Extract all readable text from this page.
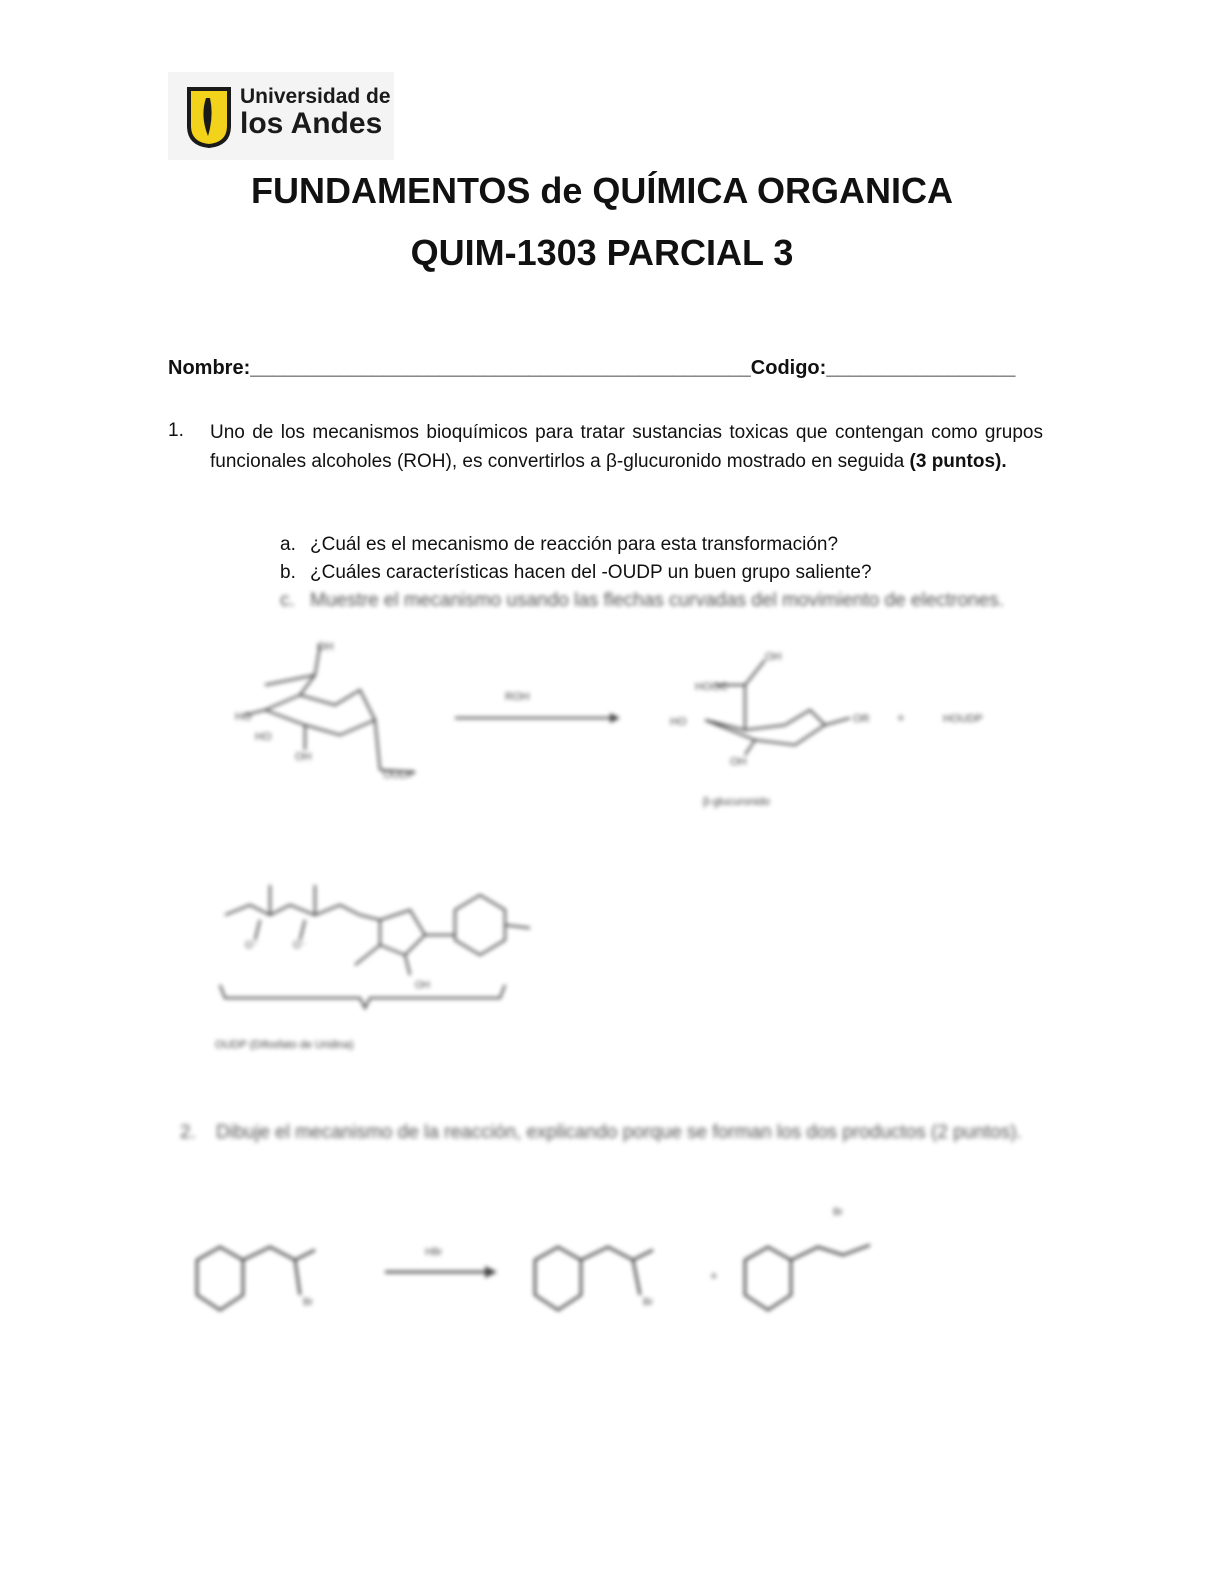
Universidad de
los Andes
FUNDAMENTOS de QUÍMICA ORGANICA
QUIM-1303 PARCIAL 3
Nombre:_____________________________________________Codigo:_________________
1. Uno de los mecanismos bioquímicos para tratar sustancias toxicas que contengan como grupos funcionales alcoholes (ROH), es convertirlos a β-glucuronido mostrado en seguida (3 puntos).
a. ¿Cuál es el mecanismo de reacción para esta transformación?
b. ¿Cuáles características hacen del -OUDP un buen grupo saliente?
c. Muestre el mecanismo usando las flechas curvadas del movimiento de electrones.
OH
HO
HO
OH
OUDP
ROH
HOOC
OH
HO
OH
OR +	HOUDP
β-glucuronido
O⁻	O⁻
OH
OUDP (Difosfato de Uridina)
2. Dibuje el mecanismo de la reacción, explicando porque se forman los dos productos (2 puntos).
HBr
Br	Br
+
Br
